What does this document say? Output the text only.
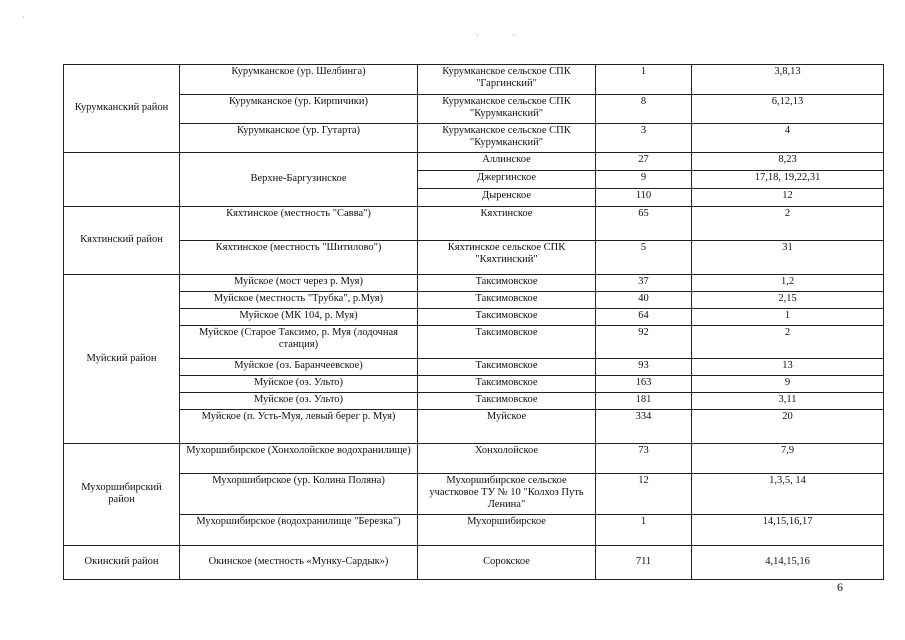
·
·	·
Курумканский район	Курумканское (ур. Шелбинга)	Курумканское сельское СПК "Гаргинский"	1	3,8,13
	Курумканское (ур. Кирпичики)	Курумканское сельское СПК "Курумканский"	8	6,12,13
	Курумканское (ур. Гутарта)	Курумканское сельское СПК "Курумканский"	3	4
	Верхне-Баргузинское	Аллинское	27	8,23
		Джергинское	9	17,18, 19,22,31
		Дыренское	110	12
Кяхтинский район	Кяхтинское (местность "Савва")	Кяхтинское	65	2
	Кяхтинское (местность "Шитилово")	Кяхтинское сельское СПК "Кяхтинский"	5	31
Муйский район	Муйское (мост через р. Муя)	Таксимовское	37	1,2
	Муйское (местность "Трубка", р.Муя)	Таксимовское	40	2,15
	Муйское (МК 104, р. Муя)	Таксимовское	64	1
	Муйское (Старое Таксимо, р. Муя (лодочная станция)	Таксимовское	92	2
	Муйское (оз. Баранчеевское)	Таксимовское	93	13
	Муйское (оз. Ульто)	Таксимовское	163	9
	Муйское (оз. Ульто)	Таксимовское	181	3,11
	Муйское (п. Усть-Муя, левый берег р. Муя)	Муйское	334	20
Мухоршибирский район	Мухоршибирское (Хонхолойское водохранилище)	Хонхолойское	73	7,9
	Мухоршибирское (ур. Колина Поляна)	Мухоршибирское сельское участковое ТУ № 10 "Колхоз Путь Ленина"	12	1,3,5, 14
	Мухоршибирское (водохранилище "Березка")	Мухоршибирское	1	14,15,16,17
Окинский район	Окинское (местность «Мунку-Сардык»)	Сорокское	711	4,14,15,16
6
